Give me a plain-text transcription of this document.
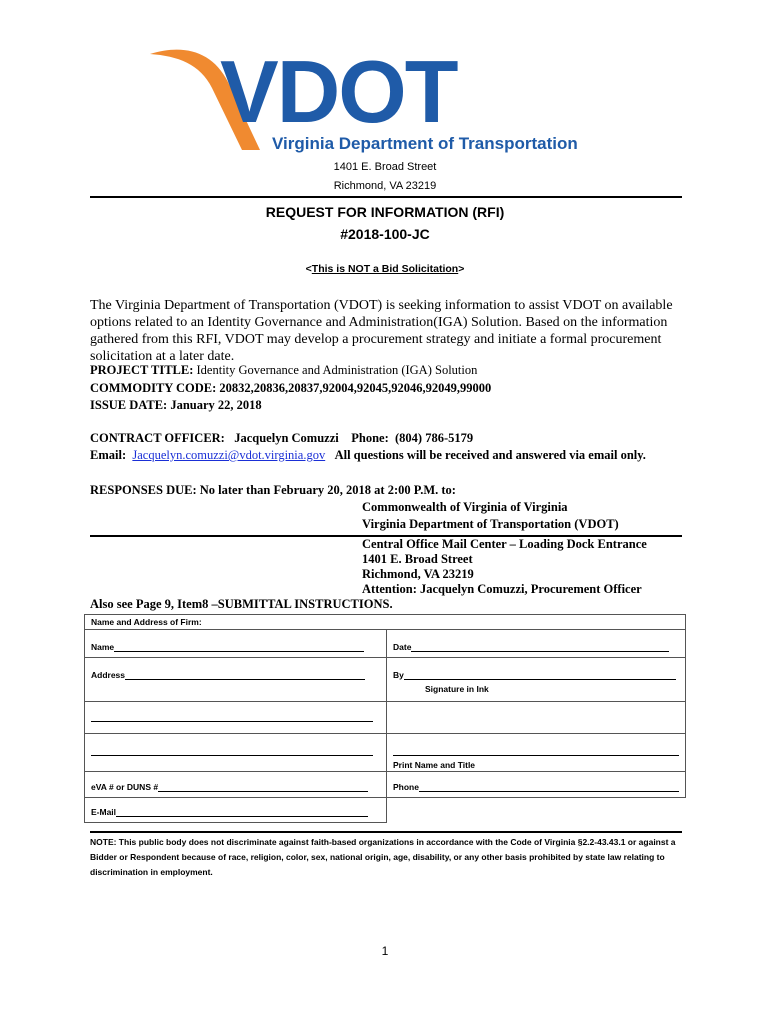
VDOT
Virginia Department of Transportation
1401 E. Broad Street
Richmond, VA 23219
REQUEST FOR INFORMATION (RFI)
#2018-100-JC
<This is NOT a Bid Solicitation>
The Virginia Department of Transportation (VDOT) is seeking information to assist VDOT on available options related to an Identity Governance and Administration(IGA) Solution. Based on the information gathered from this RFI, VDOT may develop a procurement strategy and initiate a formal procurement solicitation at a later date.
PROJECT TITLE: Identity Governance and Administration (IGA) Solution
COMMODITY CODE: 20832,20836,20837,92004,92045,92046,92049,99000
ISSUE DATE: January 22, 2018
CONTRACT OFFICER: Jacquelyn Comuzzi Phone: (804) 786-5179
Email: Jacquelyn.comuzzi@vdot.virginia.gov All questions will be received and answered via email only.
RESPONSES DUE: No later than February 20, 2018 at 2:00 P.M. to:
Commonwealth of Virginia of Virginia
Virginia Department of Transportation (VDOT)
Central Office Mail Center – Loading Dock Entrance
1401 E. Broad Street
Richmond, VA 23219
Attention: Jacquelyn Comuzzi, Procurement Officer
Also see Page 9, Item8 –SUBMITTAL INSTRUCTIONS.
Name and Address of Firm:	
Name	Date
Address	By
Signature in Ink

	Print Name and Title

eVA # or DUNS #	Phone
E-Mail	
NOTE: This public body does not discriminate against faith-based organizations in accordance with the Code of Virginia §2.2-43.43.1 or against a Bidder or Respondent because of race, religion, color, sex, national origin, age, disability, or any other basis prohibited by state law relating to discrimination in employment.
1
